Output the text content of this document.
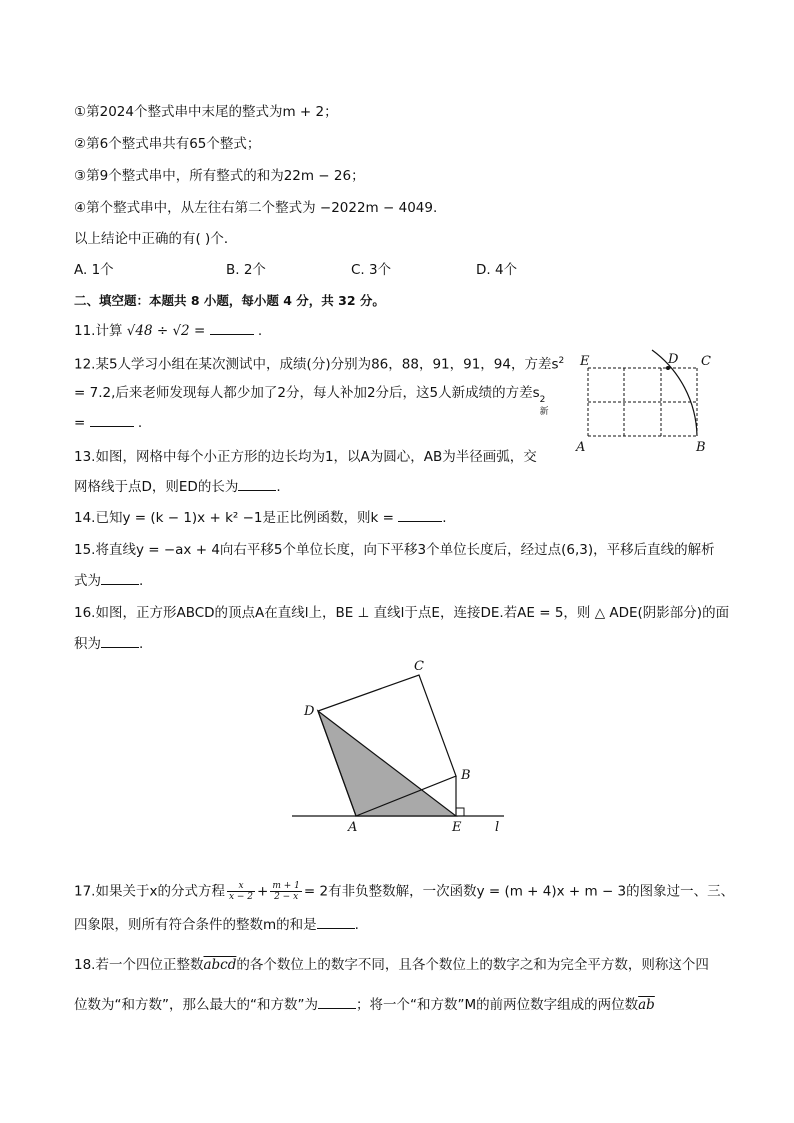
①第2024个整式串中末尾的整式为m + 2；
②第6个整式串共有65个整式；
③第9个整式串中，所有整式的和为22m − 26；
④第个整式串中，从左往右第二个整式为 −2022m − 4049.
以上结论中正确的有( )个．
A. 1个	B. 2个	C. 3个	D. 4个
二、填空题：本题共 8 小题，每小题 4 分，共 32 分。
11.计算 √48 ÷ √2 =	.
12.某5人学习小组在某次测试中，成绩(分)分别为86，88，91，91，94，方差$s^2$
= 7.2,后来老师发现每人都少加了2分，每人补加2分后，这5人新成绩的方差s 2
新
=	.
E	D C
A	B
13.如图，网格中每个小正方形的边长均为1，以A为圆心，AB为半径画弧，交
网格线于点D，则ED的长为	.
14.已知y = (k − 1)x + k² −1是正比例函数，则k =	.
15.将直线y = −ax + 4向右平移5个单位长度，向下平移3个单位长度后，经过点(6,3)，平移后直线的解析
式为	.
16.如图，正方形ABCD的顶点A在直线l上，BE ⊥ 直线l于点E，连接DE.若AE = 5，则 △ ADE(阴影部分)的面
积为	.
C
D
B
A	E	l
17.如果关于x的分式方程 $\frac{x}{x - 2} + \frac{m + 1}{2 - x} = 2$有非负整数解，一次函数y = (m + 4)x + m − 3的图象过一、三、
四象限，则所有符合条件的整数m的和是	.
18.若一个四位正整数abcd的各个数位上的数字不同，且各个数位上的数字之和为完全平方数，则称这个四
位数为“和方数”，那么最大的“和方数”为	；将一个“和方数”M的前两位数字组成的两位数$\overline{ab}$
